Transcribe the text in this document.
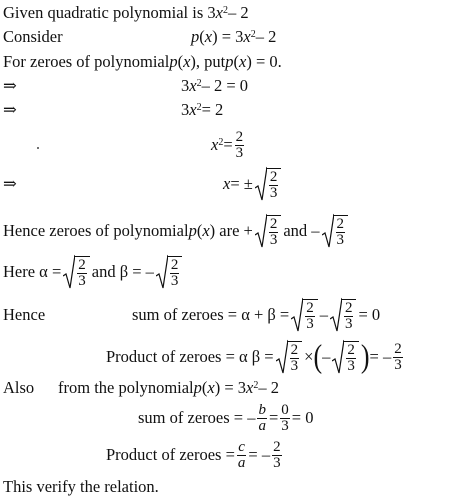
Given quadratic polynomial is 3 $x^2 - 2$
Consider	p ( x ) = 3 $x^2 - 2$
For zeroes of polynomial p ( x ), put p ( x ) = 0.
⇒	3 $x^2 - 2 = 0$
⇒	3 $x^2 = 2$
$x^2 = \frac{2}{3}$
⇒	x = ± $\frac{2}{3}$
Hence zeroes of polynomial p ( x ) are + $\frac{2}{3}$ and – $\frac{2}{3}$
Here $\alpha = \frac{2}{3}$ and β = – $\frac{2}{3}$
Hence	sum of zeroes = $\alpha + \beta = \frac{2}{3} - \frac{2}{3} = 0$
Product of zeroes = α $\beta = \frac{2}{3}$ × ( – $\frac{2}{3}$ ) = – $\frac{2}{3}$
Also from the polynomial p ( x ) = 3 $x^2 - 2$
sum of zeroes = – $\frac{b}{a} = \frac{0}{3} = 0$
Product of zeroes = $\frac{c}{a}$ = – $\frac{2}{3}$
This verify the relation.
